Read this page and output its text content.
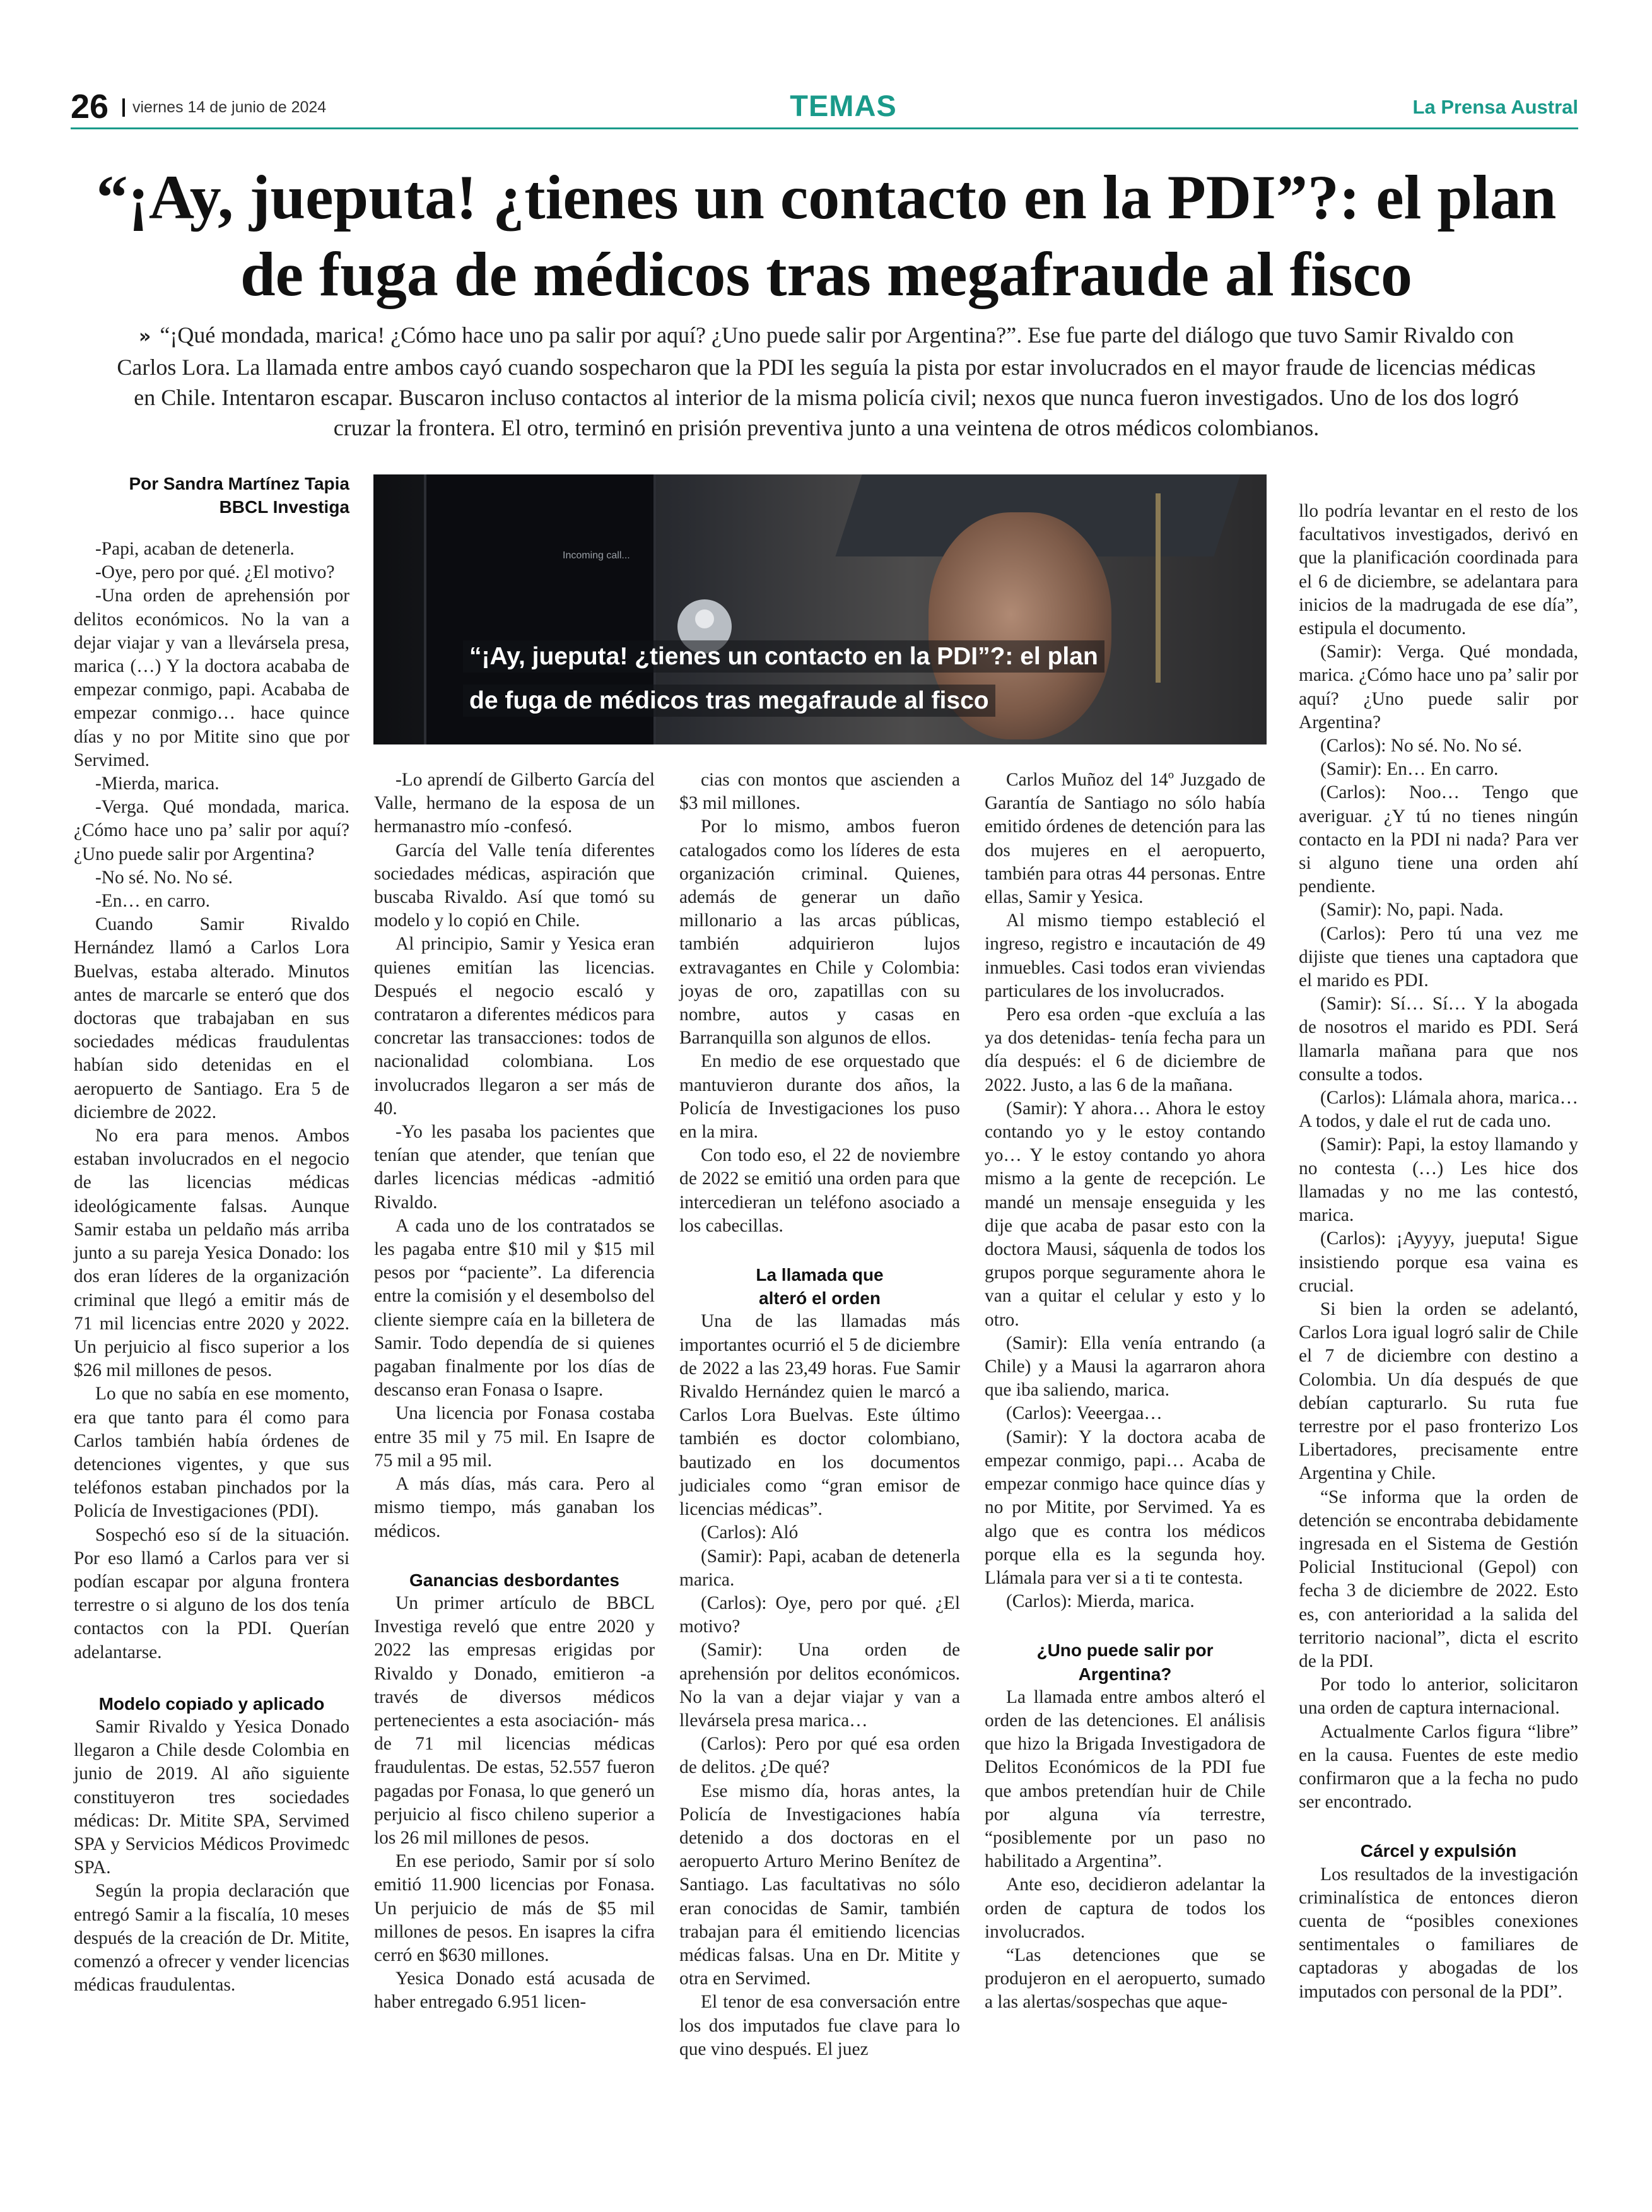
26	viernes 14 de junio de 2024	TEMAS	La Prensa Austral
“¡Ay, jueputa! ¿tienes un contacto en la PDI”?: el plan de fuga de médicos tras megafraude al fisco

» “¡Qué mondada, marica! ¿Cómo hace uno pa salir por aquí? ¿Uno puede salir por Argentina?”. Ese fue parte del diálogo que tuvo Samir Rivaldo con Carlos Lora. La llamada entre ambos cayó cuando sospecharon que la PDI les seguía la pista por estar involucrados en el mayor fraude de licencias médicas en Chile. Intentaron escapar. Buscaron incluso contactos al interior de la misma policía civil; nexos que nunca fueron investigados. Uno de los dos logró cruzar la frontera. El otro, terminó en prisión preventiva junto a una veintena de otros médicos colombianos.

Incoming call...
“¡Ay, jueputa! ¿tienes un contacto en la PDI”?: el plan de fuga de médicos tras megafraude al fisco
Por Sandra Martínez Tapia
BBCL Investiga

-Papi, acaban de detenerla.

-Oye, pero por qué. ¿El motivo?

-Una orden de aprehensión por delitos económicos. No la van a dejar viajar y van a llevársela presa, marica (…) Y la doctora acababa de empezar conmigo, papi. Acababa de empezar conmigo… hace quince días y no por Mitite sino que por Servimed.

-Mierda, marica.

-Verga. Qué mondada, marica. ¿Cómo hace uno pa’ salir por aquí? ¿Uno puede salir por Argentina?

-No sé. No. No sé.

-En… en carro.

Cuando Samir Rivaldo Hernández llamó a Carlos Lora Buelvas, estaba alterado. Minutos antes de marcarle se enteró que dos doctoras que trabajaban en sus sociedades médicas fraudulentas habían sido detenidas en el aeropuerto de Santiago. Era 5 de diciembre de 2022.

No era para menos. Ambos estaban involucrados en el negocio de las licencias médicas ideológicamente falsas. Aunque Samir estaba un peldaño más arriba junto a su pareja Yesica Donado: los dos eran líderes de la organización criminal que llegó a emitir más de 71 mil licencias entre 2020 y 2022. Un perjuicio al fisco superior a los $26 mil millones de pesos.

Lo que no sabía en ese momento, era que tanto para él como para Carlos también había órdenes de detenciones vigentes, y que sus teléfonos estaban pinchados por la Policía de Investigaciones (PDI).

Sospechó eso sí de la situación. Por eso llamó a Carlos para ver si podían escapar por alguna frontera terrestre o si alguno de los dos tenía contactos con la PDI. Querían adelantarse.

Modelo copiado y aplicado

Samir Rivaldo y Yesica Donado llegaron a Chile desde Colombia en junio de 2019. Al año siguiente constituyeron tres sociedades médicas: Dr. Mitite SPA, Servimed SPA y Servicios Médicos Provimedc SPA.

Según la propia declaración que entregó Samir a la fiscalía, 10 meses después de la creación de Dr. Mitite, comenzó a ofrecer y vender licencias médicas fraudulentas.

-Lo aprendí de Gilberto García del Valle, hermano de la esposa de un hermanastro mío -confesó.

García del Valle tenía diferentes sociedades médicas, aspiración que buscaba Rivaldo. Así que tomó su modelo y lo copió en Chile.

Al principio, Samir y Yesica eran quienes emitían las licencias. Después el negocio escaló y contrataron a diferentes médicos para concretar las transacciones: todos de nacionalidad colombiana. Los involucrados llegaron a ser más de 40.

-Yo les pasaba los pacientes que tenían que atender, que tenían que darles licencias médicas -admitió Rivaldo.

A cada uno de los contratados se les pagaba entre $10 mil y $15 mil pesos por “paciente”. La diferencia entre la comisión y el desembolso del cliente siempre caía en la billetera de Samir. Todo dependía de si quienes pagaban finalmente por los días de descanso eran Fonasa o Isapre.

Una licencia por Fonasa costaba entre 35 mil y 75 mil. En Isapre de 75 mil a 95 mil.

A más días, más cara. Pero al mismo tiempo, más ganaban los médicos.

Ganancias desbordantes

Un primer artículo de BBCL Investiga reveló que entre 2020 y 2022 las empresas erigidas por Rivaldo y Donado, emitieron -a través de diversos médicos pertenecientes a esta asociación- más de 71 mil licencias médicas fraudulentas. De estas, 52.557 fueron pagadas por Fonasa, lo que generó un perjuicio al fisco chileno superior a los 26 mil millones de pesos.

En ese periodo, Samir por sí solo emitió 11.900 licencias por Fonasa. Un perjuicio de más de $5 mil millones de pesos. En isapres la cifra cerró en $630 millones.

Yesica Donado está acusada de haber entregado 6.951 licen-

cias con montos que ascienden a $3 mil millones.

Por lo mismo, ambos fueron catalogados como los líderes de esta organización criminal. Quienes, además de generar un daño millonario a las arcas públicas, también adquirieron lujos extravagantes en Chile y Colombia: joyas de oro, zapatillas con su nombre, autos y casas en Barranquilla son algunos de ellos.

En medio de ese orquestado que mantuvieron durante dos años, la Policía de Investigaciones los puso en la mira.

Con todo eso, el 22 de noviembre de 2022 se emitió una orden para que intercedieran un teléfono asociado a los cabecillas.

La llamada que alteró el orden

Una de las llamadas más importantes ocurrió el 5 de diciembre de 2022 a las 23,49 horas. Fue Samir Rivaldo Hernández quien le marcó a Carlos Lora Buelvas. Este último también es doctor colombiano, bautizado en los documentos judiciales como “gran emisor de licencias médicas”.

(Carlos): Aló

(Samir): Papi, acaban de detenerla marica.

(Carlos): Oye, pero por qué. ¿El motivo?

(Samir): Una orden de aprehensión por delitos económicos. No la van a dejar viajar y van a llevársela presa marica…

(Carlos): Pero por qué esa orden de delitos. ¿De qué?

Ese mismo día, horas antes, la Policía de Investigaciones había detenido a dos doctoras en el aeropuerto Arturo Merino Benítez de Santiago. Las facultativas no sólo eran conocidas de Samir, también trabajan para él emitiendo licencias médicas falsas. Una en Dr. Mitite y otra en Servimed.

El tenor de esa conversación entre los dos imputados fue clave para lo que vino después. El juez

Carlos Muñoz del 14º Juzgado de Garantía de Santiago no sólo había emitido órdenes de detención para las dos mujeres en el aeropuerto, también para otras 44 personas. Entre ellas, Samir y Yesica.

Al mismo tiempo estableció el ingreso, registro e incautación de 49 inmuebles. Casi todos eran viviendas particulares de los involucrados.

Pero esa orden -que excluía a las ya dos detenidas- tenía fecha para un día después: el 6 de diciembre de 2022. Justo, a las 6 de la mañana.

(Samir): Y ahora… Ahora le estoy contando yo y le estoy contando yo… Y le estoy contando yo ahora mismo a la gente de recepción. Le mandé un mensaje enseguida y les dije que acaba de pasar esto con la doctora Mausi, sáquenla de todos los grupos porque seguramente ahora le van a quitar el celular y esto y lo otro.

(Samir): Ella venía entrando (a Chile) y a Mausi la agarraron ahora que iba saliendo, marica.

(Carlos): Veeergaa…

(Samir): Y la doctora acaba de empezar conmigo, papi… Acaba de empezar conmigo hace quince días y no por Mitite, por Servimed. Ya es algo que es contra los médicos porque ella es la segunda hoy. Llámala para ver si a ti te contesta.

(Carlos): Mierda, marica.

¿Uno puede salir por Argentina?

La llamada entre ambos alteró el orden de las detenciones. El análisis que hizo la Brigada Investigadora de Delitos Económicos de la PDI fue que ambos pretendían huir de Chile por alguna vía terrestre, “posiblemente por un paso no habilitado a Argentina”.

Ante eso, decidieron adelantar la orden de captura de todos los involucrados.

“Las detenciones que se produjeron en el aeropuerto, sumado a las alertas/sospechas que aque-

llo podría levantar en el resto de los facultativos investigados, derivó en que la planificación coordinada para el 6 de diciembre, se adelantara para inicios de la madrugada de ese día”, estipula el documento.

(Samir): Verga. Qué mondada, marica. ¿Cómo hace uno pa’ salir por aquí? ¿Uno puede salir por Argentina?

(Carlos): No sé. No. No sé.

(Samir): En… En carro.

(Carlos): Noo… Tengo que averiguar. ¿Y tú no tienes ningún contacto en la PDI ni nada? Para ver si alguno tiene una orden ahí pendiente.

(Samir): No, papi. Nada.

(Carlos): Pero tú una vez me dijiste que tienes una captadora que el marido es PDI.

(Samir): Sí… Sí… Y la abogada de nosotros el marido es PDI. Será llamarla mañana para que nos consulte a todos.

(Carlos): Llámala ahora, marica… A todos, y dale el rut de cada uno.

(Samir): Papi, la estoy llamando y no contesta (…) Les hice dos llamadas y no me las contestó, marica.

(Carlos): ¡Ayyyy, jueputa! Sigue insistiendo porque esa vaina es crucial.

Si bien la orden se adelantó, Carlos Lora igual logró salir de Chile el 7 de diciembre con destino a Colombia. Un día después de que debían capturarlo. Su ruta fue terrestre por el paso fronterizo Los Libertadores, precisamente entre Argentina y Chile.

“Se informa que la orden de detención se encontraba debidamente ingresada en el Sistema de Gestión Policial Institucional (Gepol) con fecha 3 de diciembre de 2022. Esto es, con anterioridad a la salida del territorio nacional”, dicta el escrito de la PDI.

Por todo lo anterior, solicitaron una orden de captura internacional.

Actualmente Carlos figura “libre” en la causa. Fuentes de este medio confirmaron que a la fecha no pudo ser encontrado.

Cárcel y expulsión

Los resultados de la investigación criminalística de entonces dieron cuenta de “posibles conexiones sentimentales o familiares de captadoras y abogadas de los imputados con personal de la PDI”.
